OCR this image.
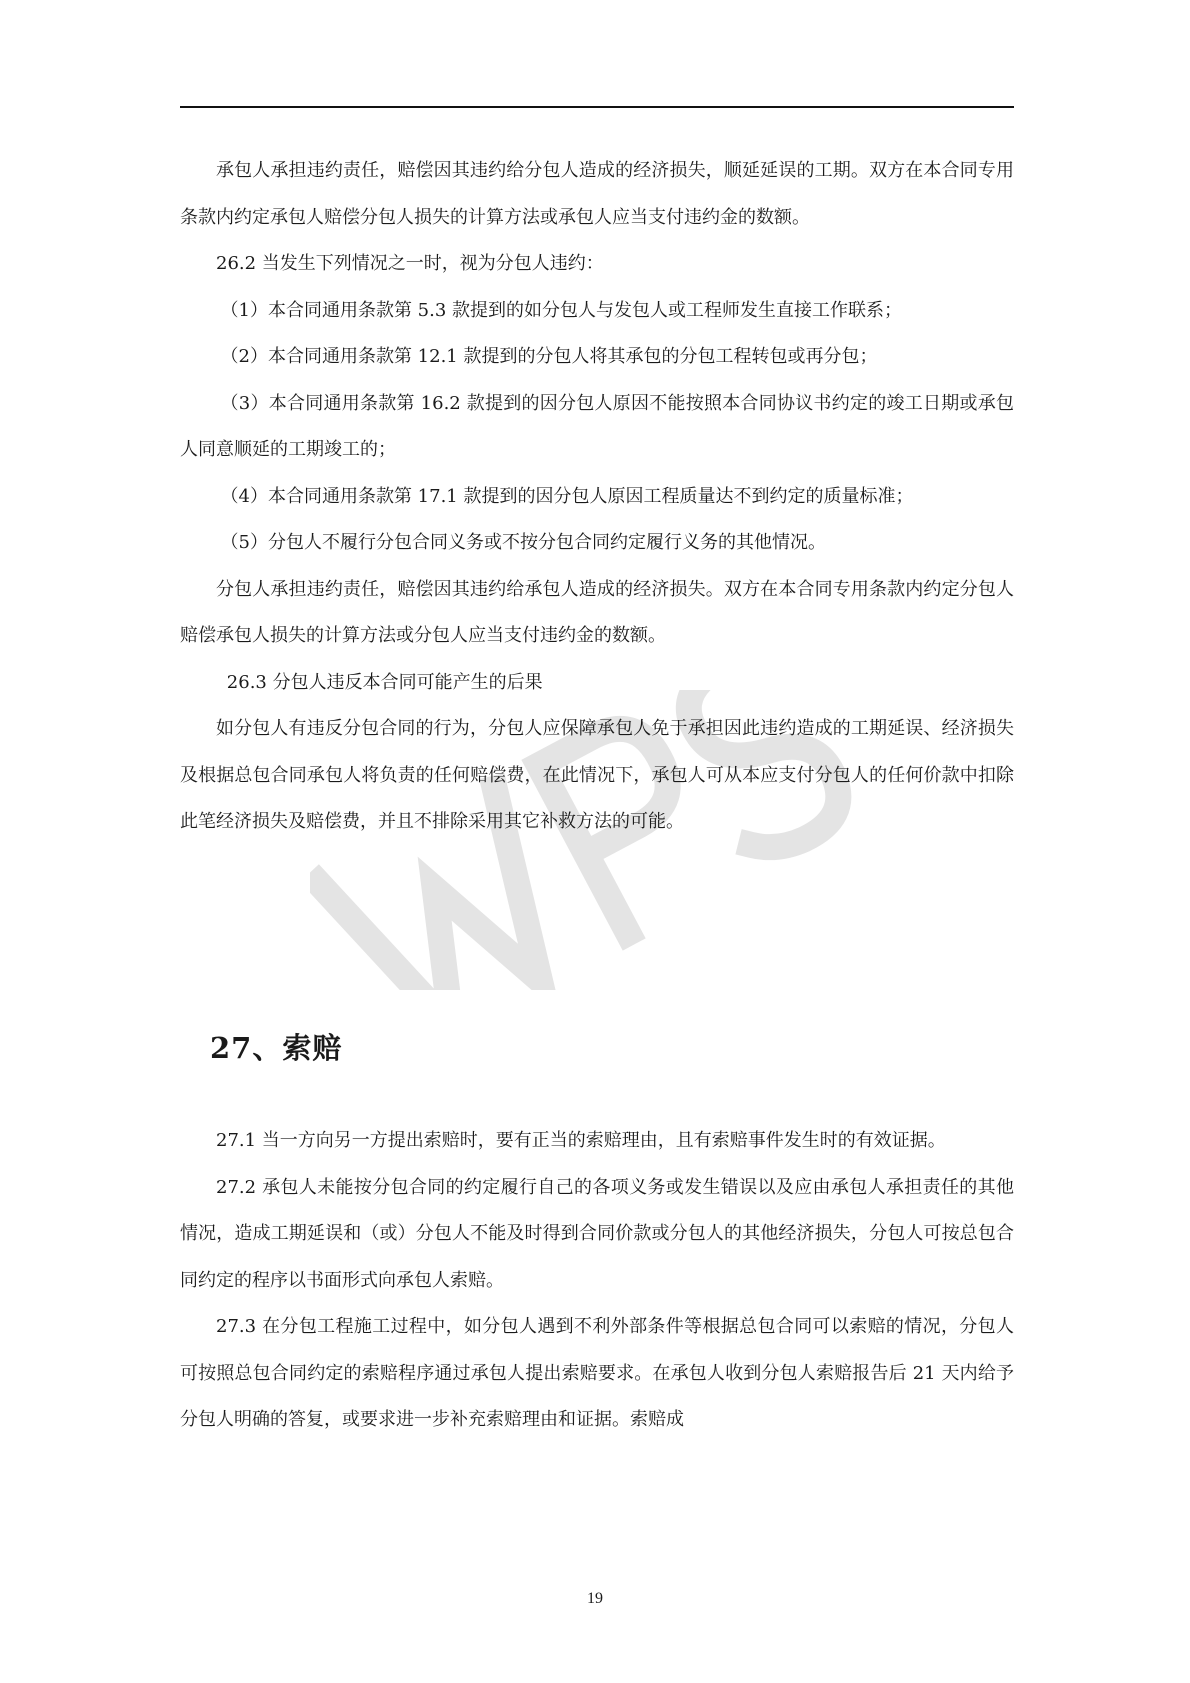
承包人承担违约责任，赔偿因其违约给分包人造成的经济损失，顺延延误的工期。双方在本合同专用条款内约定承包人赔偿分包人损失的计算方法或承包人应当支付违约金的数额。

26.2 当发生下列情况之一时，视为分包人违约：

（1）本合同通用条款第 5.3 款提到的如分包人与发包人或工程师发生直接工作联系；

（2）本合同通用条款第 12.1 款提到的分包人将其承包的分包工程转包或再分包；

（3）本合同通用条款第 16.2 款提到的因分包人原因不能按照本合同协议书约定的竣工日期或承包人同意顺延的工期竣工的；

（4）本合同通用条款第 17.1 款提到的因分包人原因工程质量达不到约定的质量标准；

（5）分包人不履行分包合同义务或不按分包合同约定履行义务的其他情况。

分包人承担违约责任，赔偿因其违约给承包人造成的经济损失。双方在本合同专用条款内约定分包人赔偿承包人损失的计算方法或分包人应当支付违约金的数额。

26.3 分包人违反本合同可能产生的后果

如分包人有违反分包合同的行为，分包人应保障承包人免于承担因此违约造成的工期延误、经济损失及根据总包合同承包人将负责的任何赔偿费，在此情况下，承包人可从本应支付分包人的任何价款中扣除此笔经济损失及赔偿费，并且不排除采用其它补救方法的可能。

27、索赔

27.1 当一方向另一方提出索赔时，要有正当的索赔理由，且有索赔事件发生时的有效证据。

27.2 承包人未能按分包合同的约定履行自己的各项义务或发生错误以及应由承包人承担责任的其他情况，造成工期延误和（或）分包人不能及时得到合同价款或分包人的其他经济损失，分包人可按总包合同约定的程序以书面形式向承包人索赔。

27.3 在分包工程施工过程中，如分包人遇到不利外部条件等根据总包合同可以索赔的情况，分包人可按照总包合同约定的索赔程序通过承包人提出索赔要求。在承包人收到分包人索赔报告后 21 天内给予分包人明确的答复，或要求进一步补充索赔理由和证据。索赔成

19
